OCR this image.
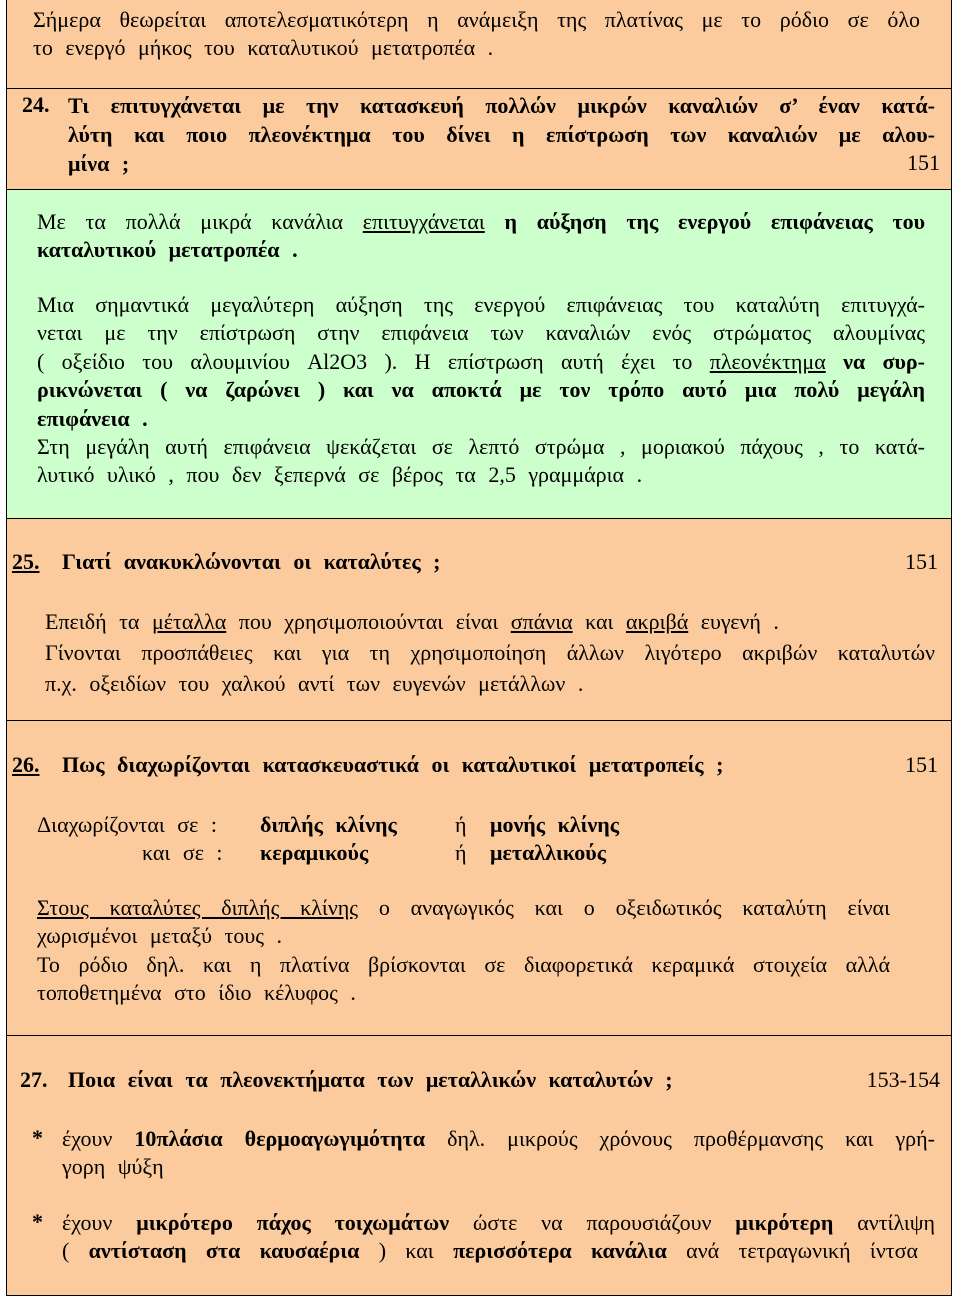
Σήμερα θεωρείται αποτελεσματικότερη η ανάμειξη της πλατίνας με το ρόδιο σε όλο
το ενεργό μήκος του καταλυτικού μετατροπέα .
24. Τι επιτυγχάνεται με την κατασκευή πολλών μικρών καναλιών σ’ έναν κατά-
λύτη και ποιο πλεονέκτημα του δίνει η επίστρωση των καναλιών με αλου-
μίνα ;	151
Με τα πολλά μικρά κανάλια επιτυγχάνεται η αύξηση της ενεργού επιφάνειας του
καταλυτικού μετατροπέα .
Μια σημαντικά μεγαλύτερη αύξηση της ενεργού επιφάνειας του καταλύτη επιτυγχά-
νεται με την επίστρωση στην επιφάνεια των καναλιών ενός στρώματος αλουμίνας
( οξείδιο του αλουμινίου Al2O3 ). Η επίστρωση αυτή έχει το πλεονέκτημα να συρ-
ρικνώνεται ( να ζαρώνει ) και να αποκτά με τον τρόπο αυτό μια πολύ μεγάλη
επιφάνεια .
Στη μεγάλη αυτή επιφάνεια ψεκάζεται σε λεπτό στρώμα , μοριακού πάχους , το κατά-
λυτικό υλικό , που δεν ξεπερνά σε βέρος τα 2,5 γραμμάρια .
25. Γιατί ανακυκλώνονται οι καταλύτες ;	151
Επειδή τα μέταλλα που χρησιμοποιούνται είναι σπάνια και ακριβά ευγενή .
Γίνονται προσπάθειες και για τη χρησιμοποίηση άλλων λιγότερο ακριβών καταλυτών
π.χ. οξειδίων του χαλκού αντί των ευγενών μετάλλων .
26. Πως διαχωρίζονται κατασκευαστικά οι καταλυτικοί μετατροπείς ;	151
Διαχωρίζονται σε : διπλής κλίνης	ή μονής κλίνης
και σε : κεραμικούς	ή μεταλλικούς
Στους καταλύτες διπλής κλίνης ο αναγωγικός και ο οξειδωτικός καταλύτη είναι
χωρισμένοι μεταξύ τους .
Το ρόδιο δηλ. και η πλατίνα βρίσκονται σε διαφορετικά κεραμικά στοιχεία αλλά
τοποθετημένα στο ίδιο κέλυφος .
27. Ποια είναι τα πλεονεκτήματα των μεταλλικών καταλυτών ;	153-154
* έχουν 10πλάσια θερμοαγωγιμότητα δηλ. μικρούς χρόνους προθέρμανσης και γρή-
γορη ψύξη
* έχουν μικρότερο πάχος τοιχωμάτων ώστε να παρουσιάζουν μικρότερη αντίλιψη
( αντίσταση στα καυσαέρια ) και περισσότερα κανάλια ανά τετραγωνική ίντσα
